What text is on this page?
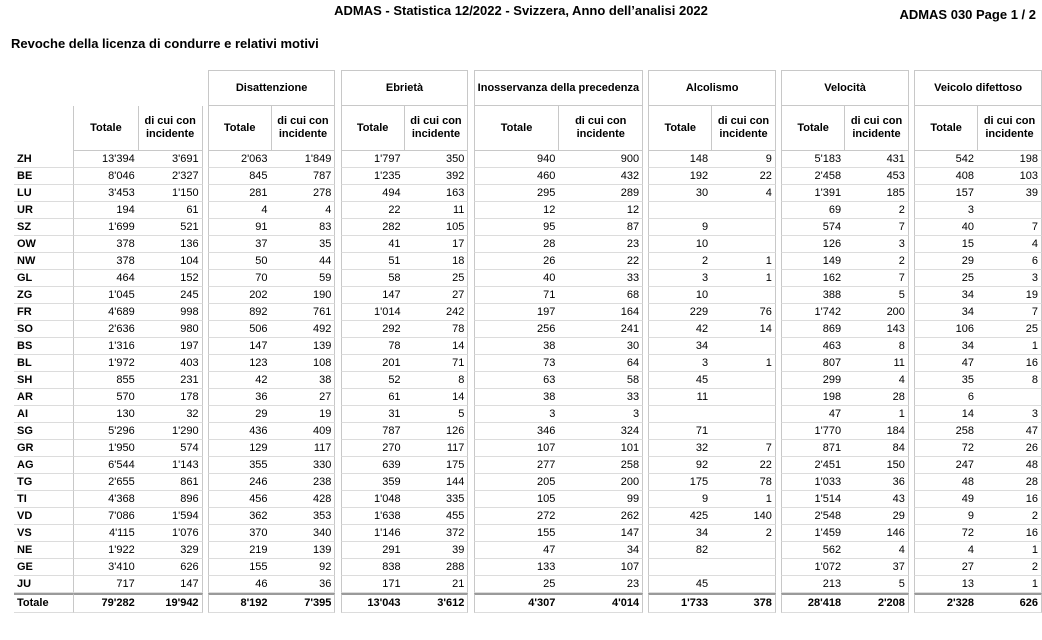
ADMAS - Statistica 12/2022 - Svizzera, Anno dell’analisi 2022	ADMAS 030 Page 1 / 2
Revoche della licenza di condurre e relativi motivi
				Disattenzione			Ebrietà			Inosservanza della precedenza			Alcolismo			Velocità			Veicolo difettoso	
	Totale	di cui con incidente		Totale	di cui con incidente		Totale	di cui con incidente		Totale	di cui con incidente		Totale	di cui con incidente		Totale	di cui con incidente		Totale	di cui con incidente
ZH	13'394	3'691		2'063	1'849		1'797	350		940	900		148	9		5'183	431		542	198
BE	8'046	2'327		845	787		1'235	392		460	432		192	22		2'458	453		408	103
LU	3'453	1'150		281	278		494	163		295	289		30	4		1'391	185		157	39
UR	194	61		4	4		22	11		12	12					69	2		3	
SZ	1'699	521		91	83		282	105		95	87		9			574	7		40	7
OW	378	136		37	35		41	17		28	23		10			126	3		15	4
NW	378	104		50	44		51	18		26	22		2	1		149	2		29	6
GL	464	152		70	59		58	25		40	33		3	1		162	7		25	3
ZG	1'045	245		202	190		147	27		71	68		10			388	5		34	19
FR	4'689	998		892	761		1'014	242		197	164		229	76		1'742	200		34	7
SO	2'636	980		506	492		292	78		256	241		42	14		869	143		106	25
BS	1'316	197		147	139		78	14		38	30		34			463	8		34	1
BL	1'972	403		123	108		201	71		73	64		3	1		807	11		47	16
SH	855	231		42	38		52	8		63	58		45			299	4		35	8
AR	570	178		36	27		61	14		38	33		11			198	28		6	
AI	130	32		29	19		31	5		3	3					47	1		14	3
SG	5'296	1'290		436	409		787	126		346	324		71			1'770	184		258	47
GR	1'950	574		129	117		270	117		107	101		32	7		871	84		72	26
AG	6'544	1'143		355	330		639	175		277	258		92	22		2'451	150		247	48
TG	2'655	861		246	238		359	144		205	200		175	78		1'033	36		48	28
TI	4'368	896		456	428		1'048	335		105	99		9	1		1'514	43		49	16
VD	7'086	1'594		362	353		1'638	455		272	262		425	140		2'548	29		9	2
VS	4'115	1'076		370	340		1'146	372		155	147		34	2		1'459	146		72	16
NE	1'922	329		219	139		291	39		47	34		82			562	4		4	1
GE	3'410	626		155	92		838	288		133	107					1'072	37		27	2
JU	717	147		46	36		171	21		25	23		45			213	5		13	1
Totale	79'282	19'942		8'192	7'395		13'043	3'612		4'307	4'014		1'733	378		28'418	2'208		2'328	626
